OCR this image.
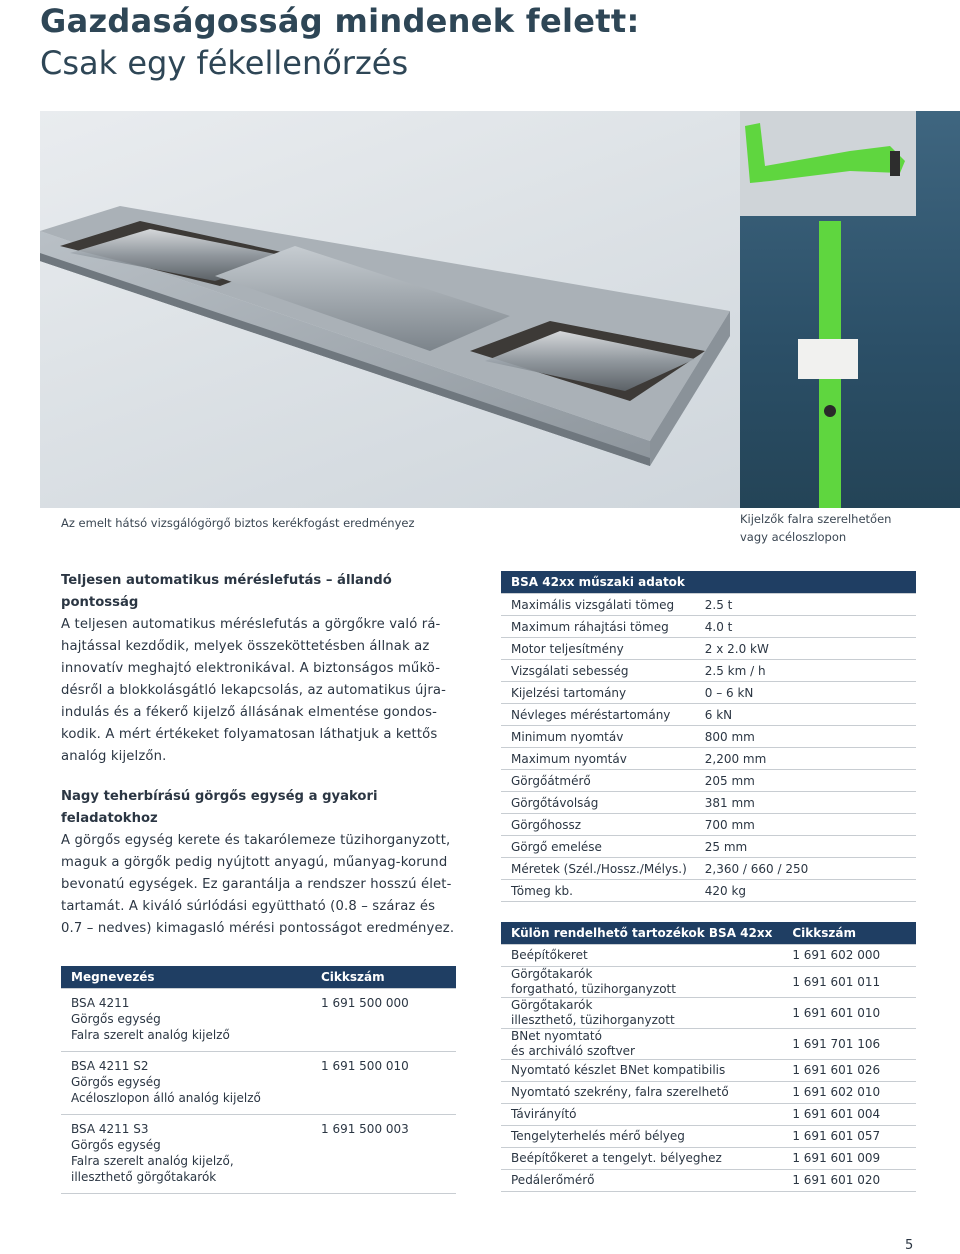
Gazdaságosság mindenek felett:
Csak egy fékellenőrzés
Az emelt hátsó vizsgálógörgő biztos kerékfogást eredményez	Kijelzők falra szerelhetően
vagy acéloszlopon
Teljesen automatikus méréslefutás – állandó pontosság
A teljesen automatikus méréslefutás a görgőkre való rá-
hajtással kezdődik, melyek összeköttetésben állnak az
innovatív meghajtó elektronikával. A biztonságos műkö-
désről a blokkolásgátló lekapcsolás, az automatikus újra-
indulás és a fékerő kijelző állásának elmentése gondos-
kodik. A mért értékeket folyamatosan láthatjuk a kettős
analóg kijelzőn.
Nagy teherbírású görgős egység a gyakori feladatokhoz
A görgős egység kerete és takarólemeze tüzihorganyzott,
maguk a görgők pedig nyújtott anyagú, műanyag-korund
bevonatú egységek. Ez garantálja a rendszer hosszú élet-
tartamát. A kiváló súrlódási együttható (0.8 – száraz és
0.7 – nedves) kimagasló mérési pontosságot eredményez.
BSA 42xx műszaki adatok	
Maximális vizsgálati tömeg	2.5 t
Maximum ráhajtási tömeg	4.0 t
Motor teljesítmény	2 x 2.0 kW
Vizsgálati sebesség	2.5 km / h
Kijelzési tartomány	0 – 6 kN
Névleges méréstartomány	6 kN
Minimum nyomtáv	800 mm
Maximum nyomtáv	2,200 mm
Görgőátmérő	205 mm
Görgőtávolság	381 mm
Görgőhossz	700 mm
Görgő emelése	25 mm
Méretek (Szél./Hossz./Mélys.)	2,360 / 660 / 250
Tömeg kb.	420 kg
Megnevezés	Cikkszám

BSA 4211
Görgős egység
Falra szerelt analóg kijelző	1 691 500 000

BSA 4211 S2
Görgős egység
Acéloszlopon álló analóg kijelző	1 691 500 010

BSA 4211 S3
Görgős egység
Falra szerelt analóg kijelző,
illeszthető görgőtakarók	1 691 500 003
Külön rendelhető tartozékok BSA 42xx	Cikkszám
Beépítőkeret	1 691 602 000

Görgőtakarók
forgatható, tüzihorganyzott	1 691 601 011

Görgőtakarók
illeszthető, tüzihorganyzott	1 691 601 010

BNet nyomtató
és archiváló szoftver	1 691 701 106
Nyomtató készlet BNet kompatibilis	1 691 601 026
Nyomtató szekrény, falra szerelhető	1 691 602 010
Távirányító	1 691 601 004
Tengelyterhelés mérő bélyeg	1 691 601 057
Beépítőkeret a tengelyt. bélyeghez	1 691 601 009
Pedálerőmérő	1 691 601 020
5
